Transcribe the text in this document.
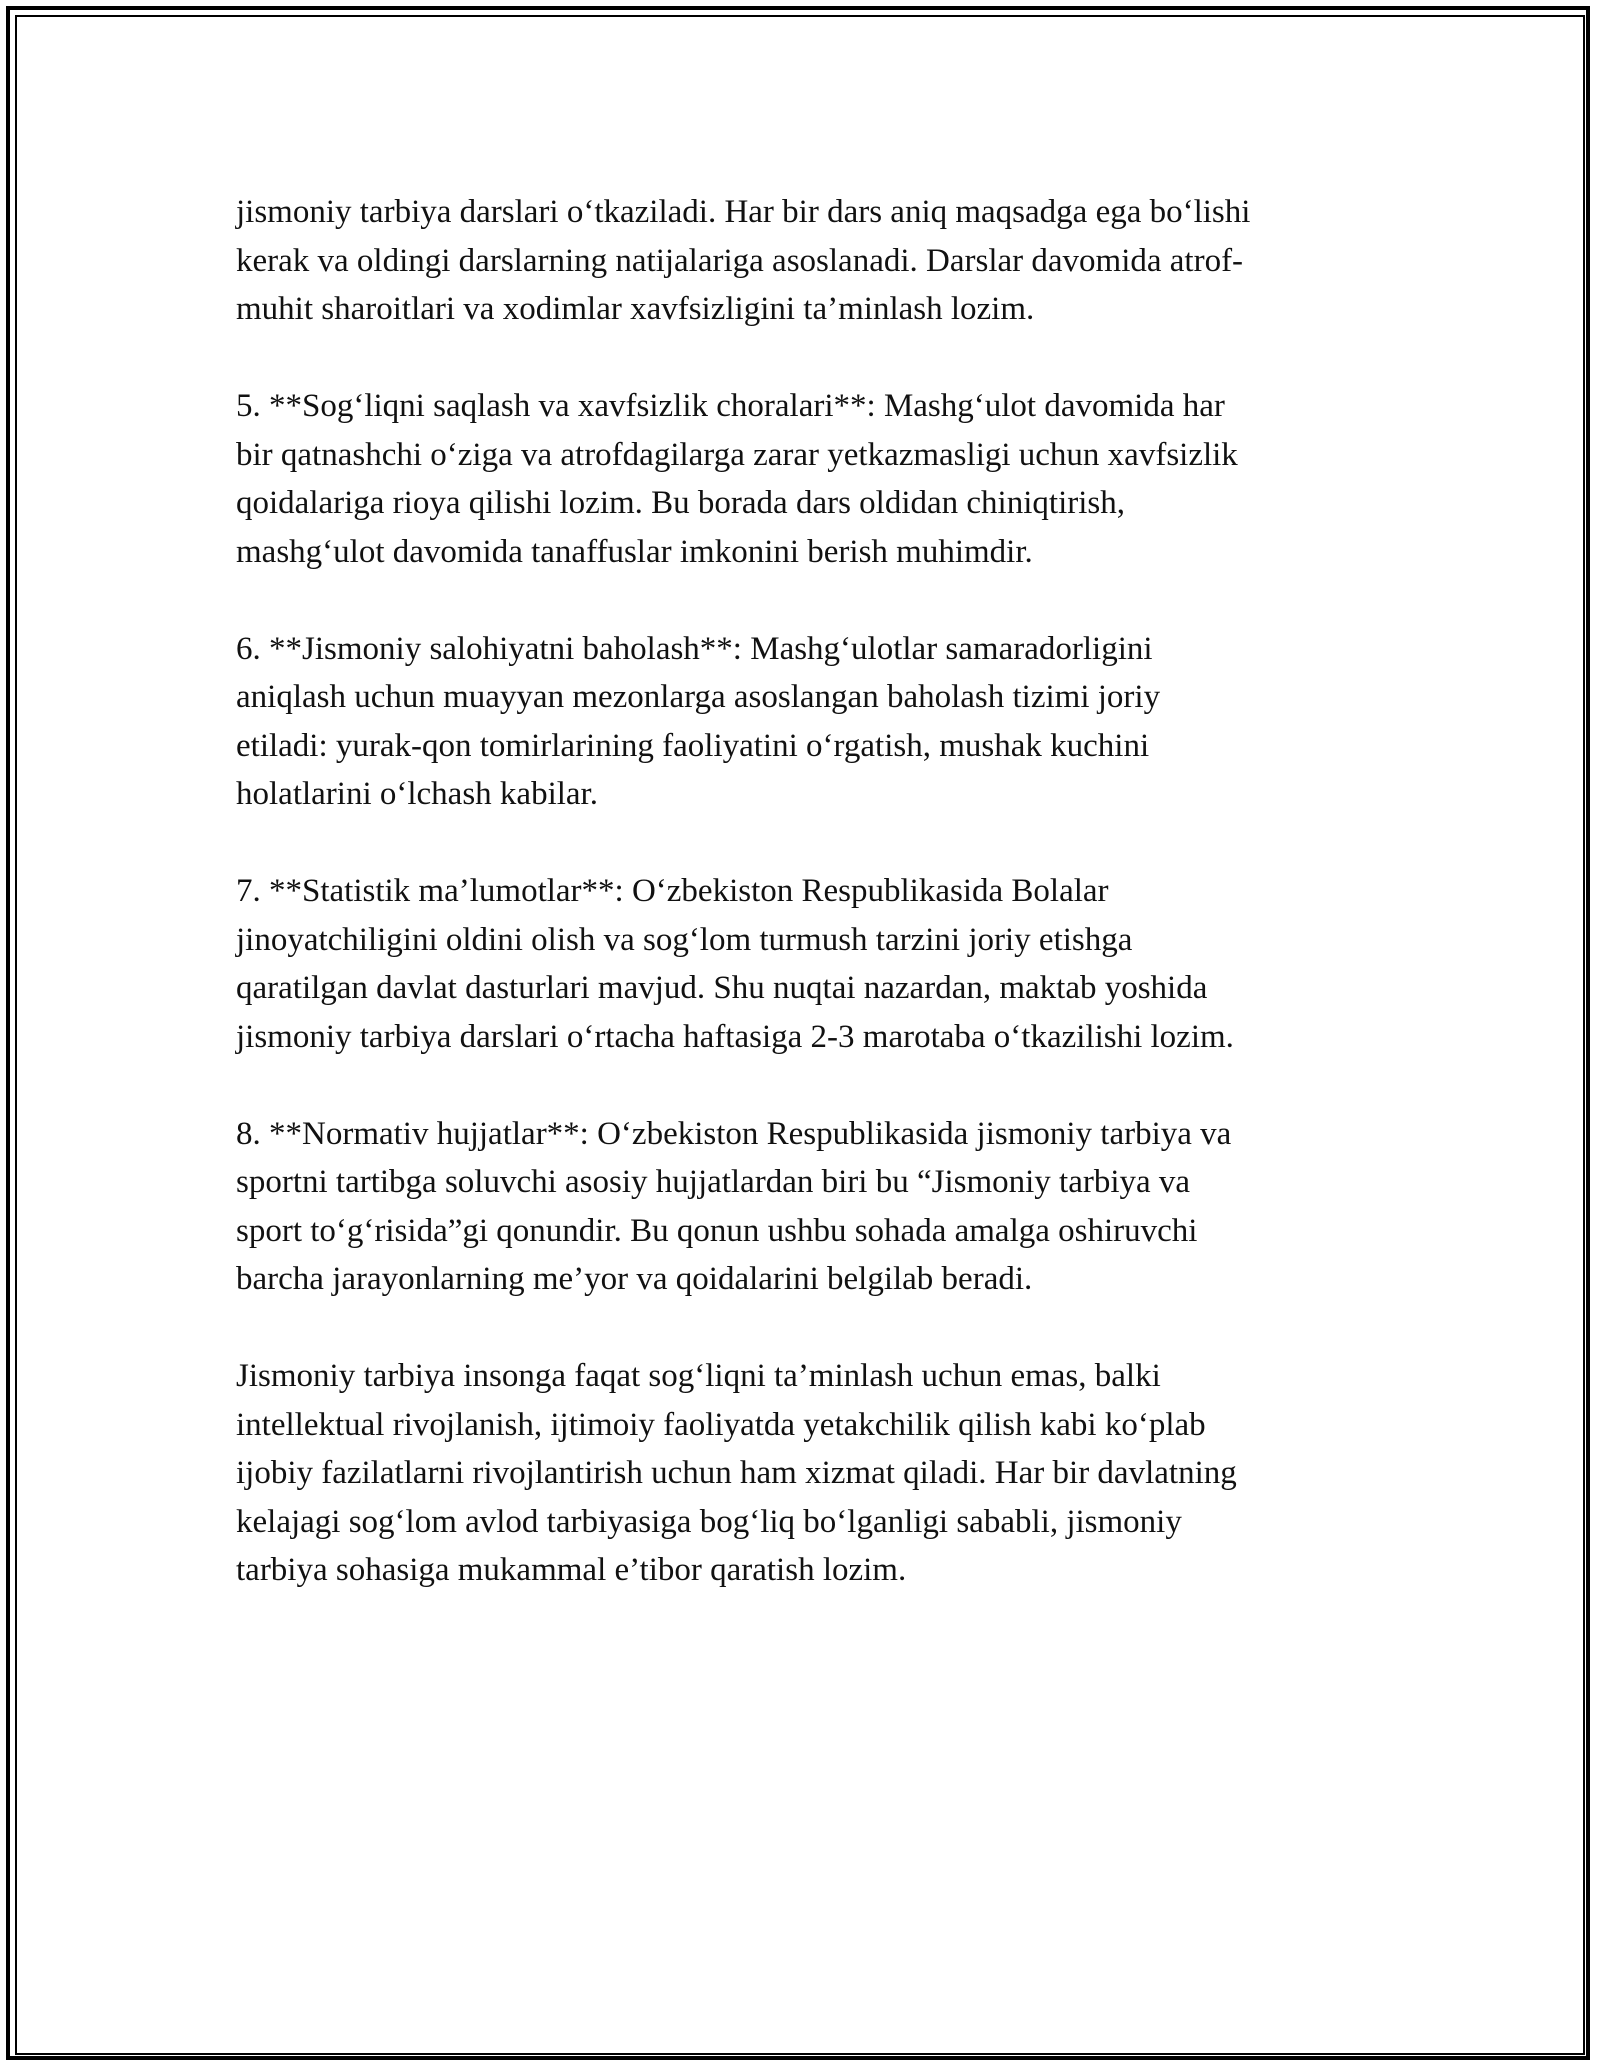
jismoniy tarbiya darslari o‘tkaziladi. Har bir dars aniq maqsadga ega bo‘lishi
kerak va oldingi darslarning natijalariga asoslanadi. Darslar davomida atrof-
muhit sharoitlari va xodimlar xavfsizligini ta’minlash lozim.

5. **Sog‘liqni saqlash va xavfsizlik choralari**: Mashg‘ulot davomida har
bir qatnashchi o‘ziga va atrofdagilarga zarar yetkazmasligi uchun xavfsizlik
qoidalariga rioya qilishi lozim. Bu borada dars oldidan chiniqtirish,
mashg‘ulot davomida tanaffuslar imkonini berish muhimdir.

6. **Jismoniy salohiyatni baholash**: Mashg‘ulotlar samaradorligini
aniqlash uchun muayyan mezonlarga asoslangan baholash tizimi joriy
etiladi: yurak-qon tomirlarining faoliyatini o‘rgatish, mushak kuchini
holatlarini o‘lchash kabilar.

7. **Statistik ma’lumotlar**: O‘zbekiston Respublikasida Bolalar
jinoyatchiligini oldini olish va sog‘lom turmush tarzini joriy etishga
qaratilgan davlat dasturlari mavjud. Shu nuqtai nazardan, maktab yoshida
jismoniy tarbiya darslari o‘rtacha haftasiga 2-3 marotaba o‘tkazilishi lozim.

8. **Normativ hujjatlar**: O‘zbekiston Respublikasida jismoniy tarbiya va
sportni tartibga soluvchi asosiy hujjatlardan biri bu “Jismoniy tarbiya va
sport to‘g‘risida”gi qonundir. Bu qonun ushbu sohada amalga oshiruvchi
barcha jarayonlarning me’yor va qoidalarini belgilab beradi.

Jismoniy tarbiya insonga faqat sog‘liqni ta’minlash uchun emas, balki
intellektual rivojlanish, ijtimoiy faoliyatda yetakchilik qilish kabi ko‘plab
ijobiy fazilatlarni rivojlantirish uchun ham xizmat qiladi. Har bir davlatning
kelajagi sog‘lom avlod tarbiyasiga bog‘liq bo‘lganligi sababli, jismoniy
tarbiya sohasiga mukammal e’tibor qaratish lozim.
